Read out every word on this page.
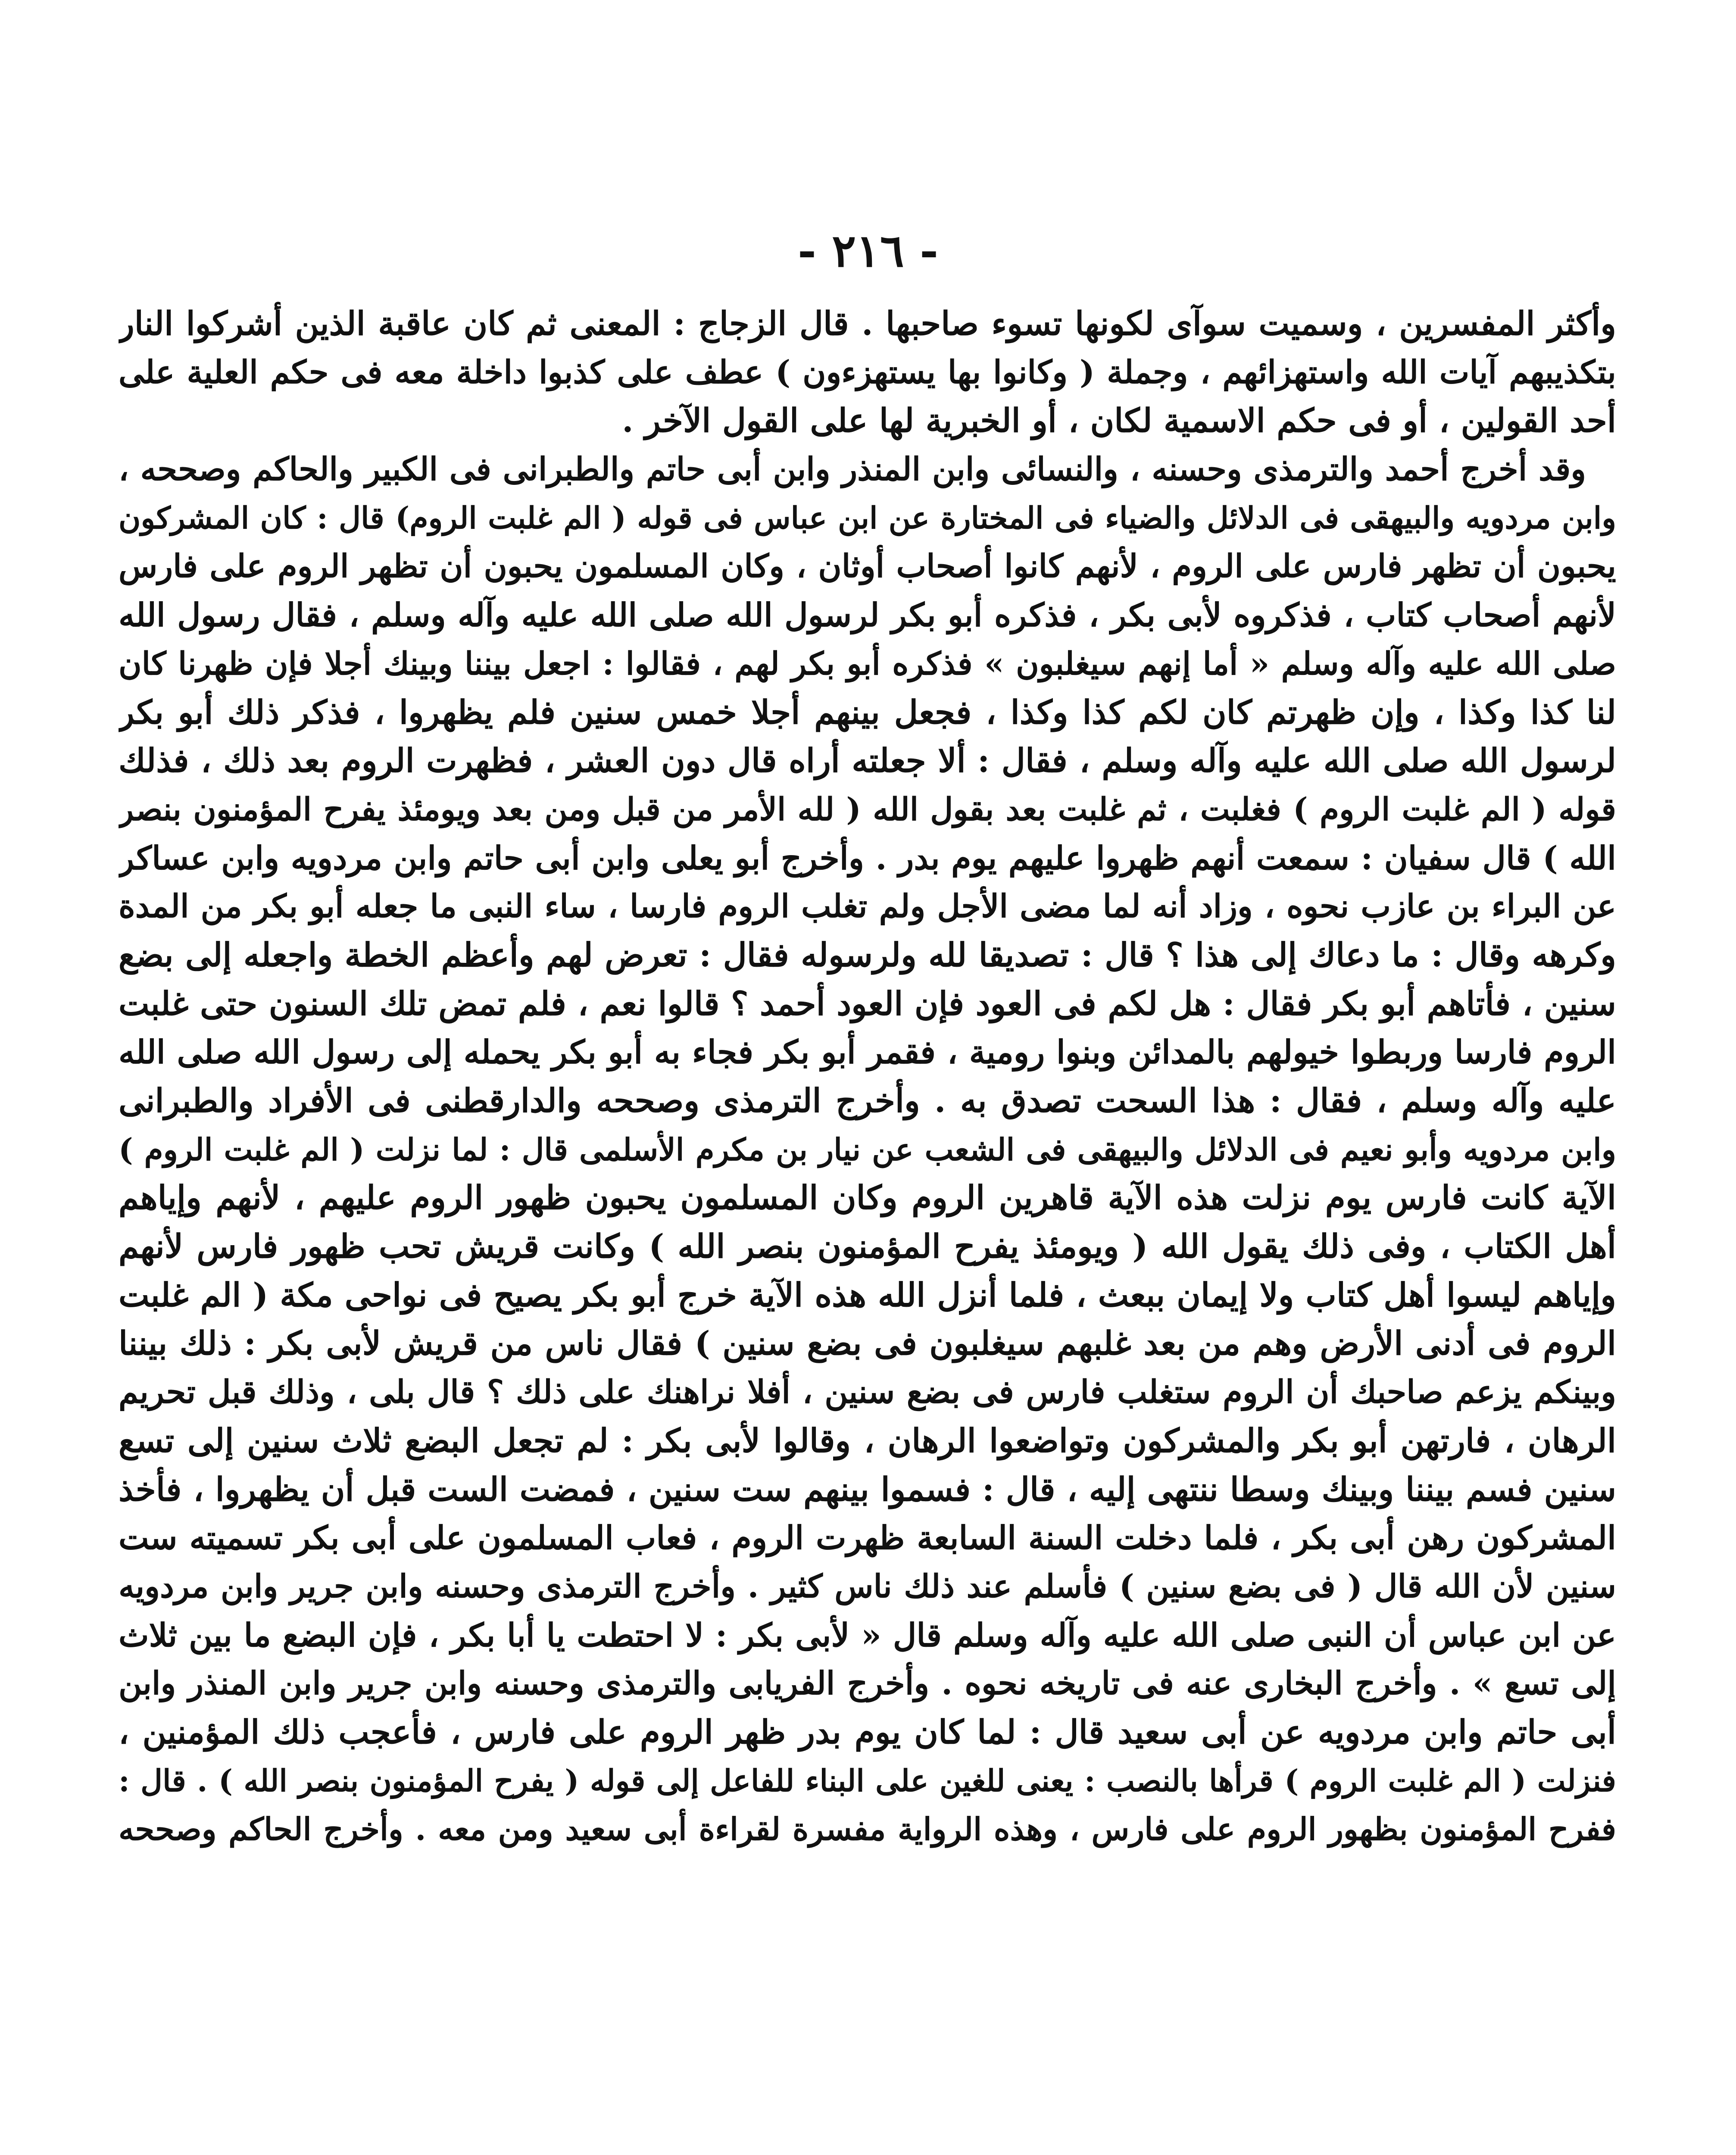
- ٢١٦ -
وأكثر المفسرين ، وسميت سوآى لكونها تسوء صاحبها . قال الزجاج : المعنى ثم كان عاقبة الذين أشركوا النار
بتكذيبهم آيات الله واستهزائهم ، وجملة ( وكانوا بها يستهزءون ) عطف على كذبوا داخلة معه فى حكم العلية على
أحد القولين ، أو فى حكم الاسمية لكان ، أو الخبرية لها على القول الآخر .
وقد أخرج أحمد والترمذى وحسنه ، والنسائى وابن المنذر وابن أبى حاتم والطبرانى فى الكبير والحاكم وصححه ،
وابن مردويه والبيهقى فى الدلائل والضياء فى المختارة عن ابن عباس فى قوله ( الم غلبت الروم) قال : كان المشركون
يحبون أن تظهر فارس على الروم ، لأنهم كانوا أصحاب أوثان ، وكان المسلمون يحبون أن تظهر الروم على فارس
لأنهم أصحاب كتاب ، فذكروه لأبى بكر ، فذكره أبو بكر لرسول الله صلى الله عليه وآله وسلم ، فقال رسول الله
صلى الله عليه وآله وسلم « أما إنهم سيغلبون » فذكره أبو بكر لهم ، فقالوا : اجعل بيننا وبينك أجلا فإن ظهرنا كان
لنا كذا وكذا ، وإن ظهرتم كان لكم كذا وكذا ، فجعل بينهم أجلا خمس سنين فلم يظهروا ، فذكر ذلك أبو بكر
لرسول الله صلى الله عليه وآله وسلم ، فقال : ألا جعلته أراه قال دون العشر ، فظهرت الروم بعد ذلك ، فذلك
قوله ( الم غلبت الروم ) فغلبت ، ثم غلبت بعد بقول الله ( لله الأمر من قبل ومن بعد ويومئذ يفرح المؤمنون بنصر
الله ) قال سفيان : سمعت أنهم ظهروا عليهم يوم بدر . وأخرج أبو يعلى وابن أبى حاتم وابن مردويه وابن عساكر
عن البراء بن عازب نحوه ، وزاد أنه لما مضى الأجل ولم تغلب الروم فارسا ، ساء النبى ما جعله أبو بكر من المدة
وكرهه وقال : ما دعاك إلى هذا ؟ قال : تصديقا لله ولرسوله فقال : تعرض لهم وأعظم الخطة واجعله إلى بضع
سنين ، فأتاهم أبو بكر فقال : هل لكم فى العود فإن العود أحمد ؟ قالوا نعم ، فلم تمض تلك السنون حتى غلبت
الروم فارسا وربطوا خيولهم بالمدائن وبنوا رومية ، فقمر أبو بكر فجاء به أبو بكر يحمله إلى رسول الله صلى الله
عليه وآله وسلم ، فقال : هذا السحت تصدق به . وأخرج الترمذى وصححه والدارقطنى فى الأفراد والطبرانى
وابن مردويه وأبو نعيم فى الدلائل والبيهقى فى الشعب عن نيار بن مكرم الأسلمى قال : لما نزلت ( الم غلبت الروم )
الآية كانت فارس يوم نزلت هذه الآية قاهرين الروم وكان المسلمون يحبون ظهور الروم عليهم ، لأنهم وإياهم
أهل الكتاب ، وفى ذلك يقول الله ( ويومئذ يفرح المؤمنون بنصر الله ) وكانت قريش تحب ظهور فارس لأنهم
وإياهم ليسوا أهل كتاب ولا إيمان ببعث ، فلما أنزل الله هذه الآية خرج أبو بكر يصيح فى نواحى مكة ( الم غلبت
الروم فى أدنى الأرض وهم من بعد غلبهم سيغلبون فى بضع سنين ) فقال ناس من قريش لأبى بكر : ذلك بيننا
وبينكم يزعم صاحبك أن الروم ستغلب فارس فى بضع سنين ، أفلا نراهنك على ذلك ؟ قال بلى ، وذلك قبل تحريم
الرهان ، فارتهن أبو بكر والمشركون وتواضعوا الرهان ، وقالوا لأبى بكر : لم تجعل البضع ثلاث سنين إلى تسع
سنين فسم بيننا وبينك وسطا ننتهى إليه ، قال : فسموا بينهم ست سنين ، فمضت الست قبل أن يظهروا ، فأخذ
المشركون رهن أبى بكر ، فلما دخلت السنة السابعة ظهرت الروم ، فعاب المسلمون على أبى بكر تسميته ست
سنين لأن الله قال ( فى بضع سنين ) فأسلم عند ذلك ناس كثير . وأخرج الترمذى وحسنه وابن جرير وابن مردويه
عن ابن عباس أن النبى صلى الله عليه وآله وسلم قال « لأبى بكر : لا احتطت يا أبا بكر ، فإن البضع ما بين ثلاث
إلى تسع » . وأخرج البخارى عنه فى تاريخه نحوه . وأخرج الفريابى والترمذى وحسنه وابن جرير وابن المنذر وابن
أبى حاتم وابن مردويه عن أبى سعيد قال : لما كان يوم بدر ظهر الروم على فارس ، فأعجب ذلك المؤمنين ،
فنزلت ( الم غلبت الروم ) قرأها بالنصب : يعنى للغين على البناء للفاعل إلى قوله ( يفرح المؤمنون بنصر الله ) . قال :
ففرح المؤمنون بظهور الروم على فارس ، وهذه الرواية مفسرة لقراءة أبى سعيد ومن معه . وأخرج الحاكم وصححه
